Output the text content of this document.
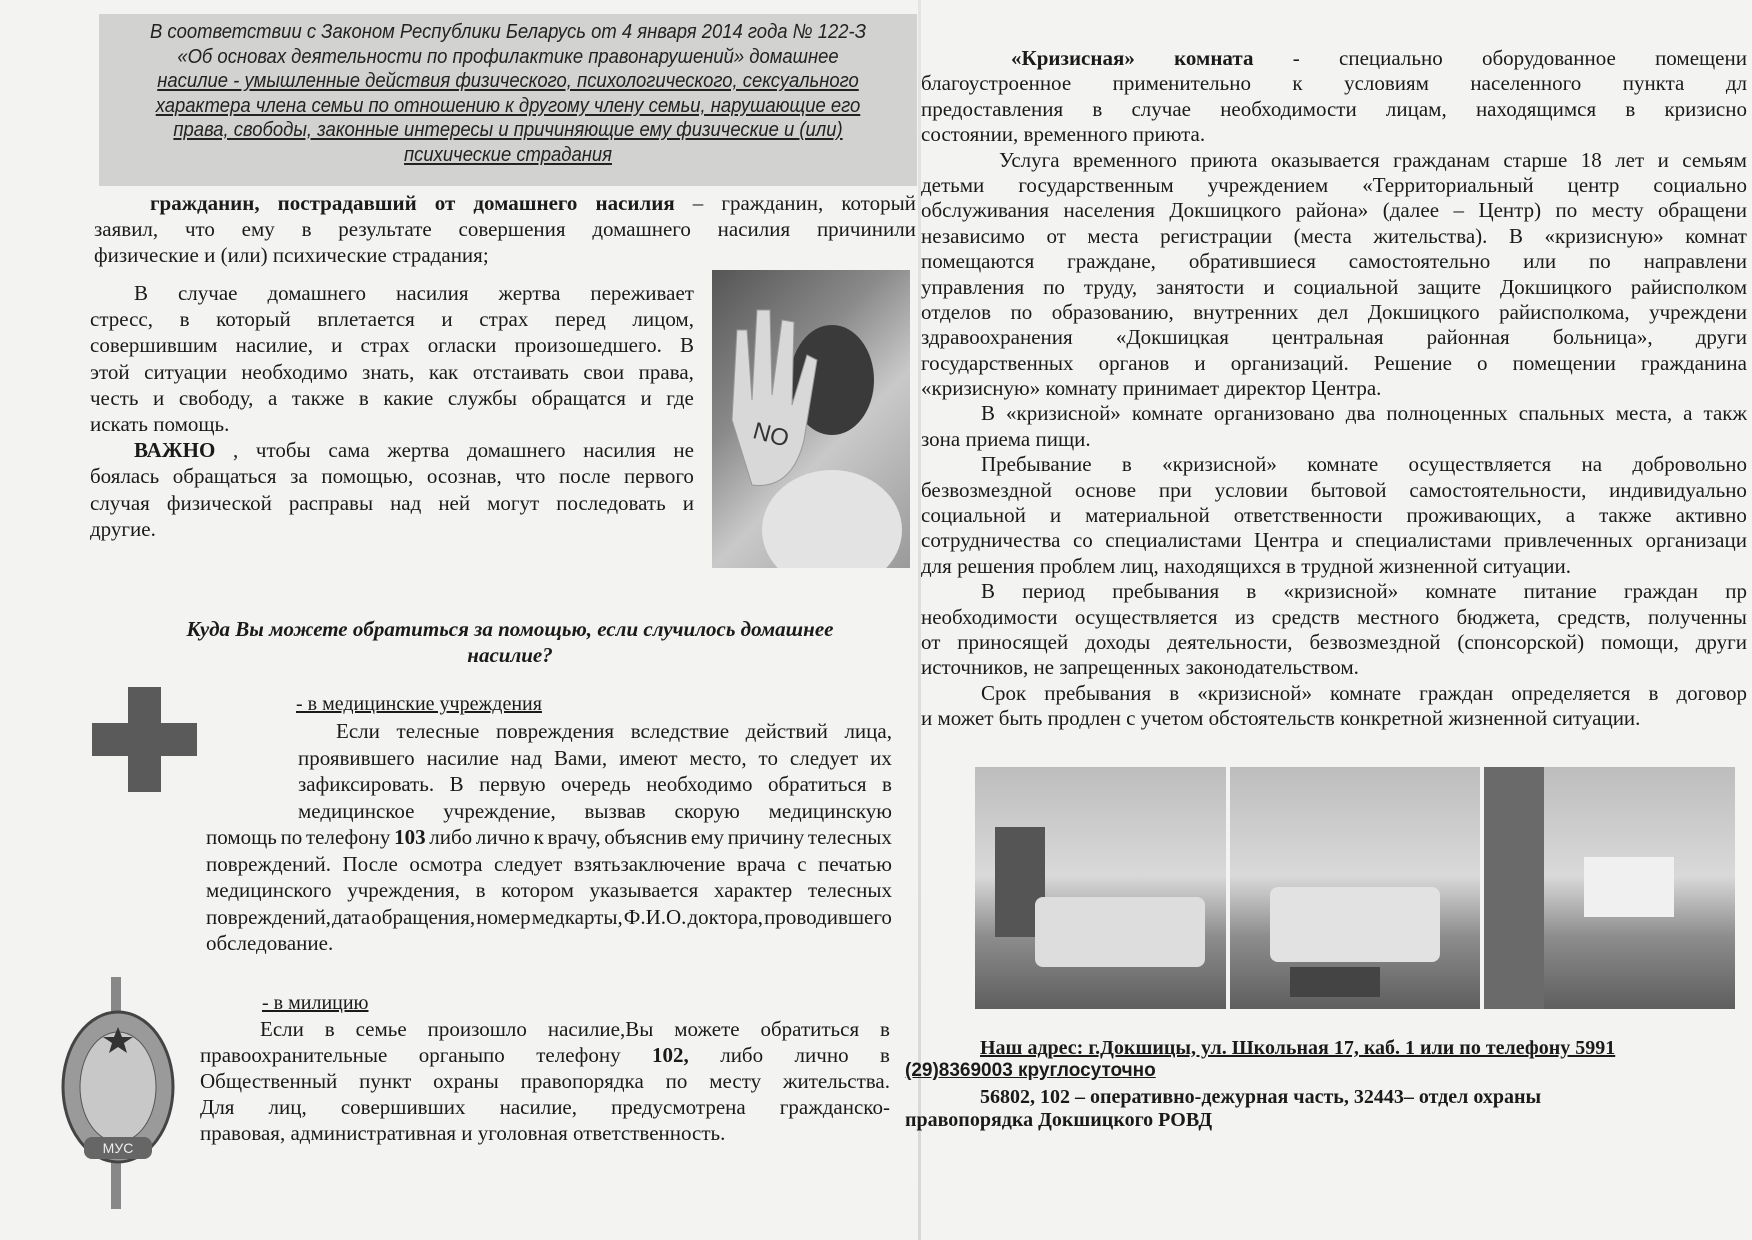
В соответствии с Законом Республики Беларусь от 4 января 2014 года № 122-З
«Об основах деятельности по профилактике правонарушений» домашнее
насилие - умышленные действия физического, психологического, сексуального
характера члена семьи по отношению к другому члену семьи, нарушающие его
права, свободы, законные интересы и причиняющие ему физические и (или)
психические страдания
гражданин, пострадавший от домашнего насилия – гражданин, который
заявил, что ему в результате совершения домашнего насилия причинили
физические и (или) психические страдания;
В случае домашнего насилия жертва переживает
стресс, в который вплетается и страх перед лицом,
совершившим насилие, и страх огласки произошедшего. В
этой ситуации необходимо знать, как отстаивать свои права,
честь и свободу, а также в какие службы обращатся и где
искать помощь.
ВАЖНО , чтобы сама жертва домашнего насилия не
боялась обращаться за помощью, осознав, что после первого
случая физической расправы над ней могут последовать и
другие.
NO
Куда Вы можете обратиться за помощью, если случилось домашнее
насилие?
- в медицинские учреждения
Если телесные повреждения вследствие действий лица,
проявившего насилие над Вами, имеют место, то следует их
зафиксировать. В первую очередь необходимо обратиться в
медицинское учреждение, вызвав скорую медицинскую
помощь по телефону 103 либо лично к врачу, объяснив ему причину телесных
повреждений. После осмотра следует взятьзаключение врача с печатью
медицинского учреждения, в котором указывается характер телесных
повреждений, дата обращения, номер медкарты, Ф.И.О. доктора, проводившего
обследование.
МУС
- в милицию
Если в семье произошло насилие,Вы можете обратиться в
правоохранительные органыпо телефону 102, либо лично в
Общественный пункт охраны правопорядка по месту жительства.
Для лиц, совершивших насилие, предусмотрена гражданско-
правовая, административная и уголовная ответственность.
«Кризисная» комната - специально оборудованное помещени
благоустроенное применительно к условиям населенного пункта дл
предоставления в случае необходимости лицам, находящимся в кризисно
состоянии, временного приюта.
Услуга временного приюта оказывается гражданам старше 18 лет и семьям
детьми государственным учреждением «Территориальный центр социально
обслуживания населения Докшицкого района» (далее – Центр) по месту обращени
независимо от места регистрации (места жительства). В «кризисную» комнат
помещаются граждане, обратившиеся самостоятельно или по направлени
управления по труду, занятости и социальной защите Докшицкого райисполком
отделов по образованию, внутренних дел Докшицкого райисполкома, учреждени
здравоохранения «Докшицкая центральная районная больница», други
государственных органов и организаций. Решение о помещении гражданина
«кризисную» комнату принимает директор Центра.
В «кризисной» комнате организовано два полноценных спальных места, а такж
зона приема пищи.
Пребывание в «кризисной» комнате осуществляется на добровольно
безвозмездной основе при условии бытовой самостоятельности, индивидуально
социальной и материальной ответственности проживающих, а также активно
сотрудничества со специалистами Центра и специалистами привлеченных организаци
для решения проблем лиц, находящихся в трудной жизненной ситуации.
В период пребывания в «кризисной» комнате питание граждан пр
необходимости осуществляется из средств местного бюджета, средств, полученны
от приносящей доходы деятельности, безвозмездной (спонсорской) помощи, други
источников, не запрещенных законодательством.
Срок пребывания в «кризисной» комнате граждан определяется в договор
и может быть продлен с учетом обстоятельств конкретной жизненной ситуации.
Наш адрес: г.Докшицы, ул. Школьная 17, каб. 1 или по телефону 5991
(29)8369003 круглосуточно
56802, 102 – оперативно-дежурная часть, 32443– отдел охраны
правопорядка Докшицкого РОВД
